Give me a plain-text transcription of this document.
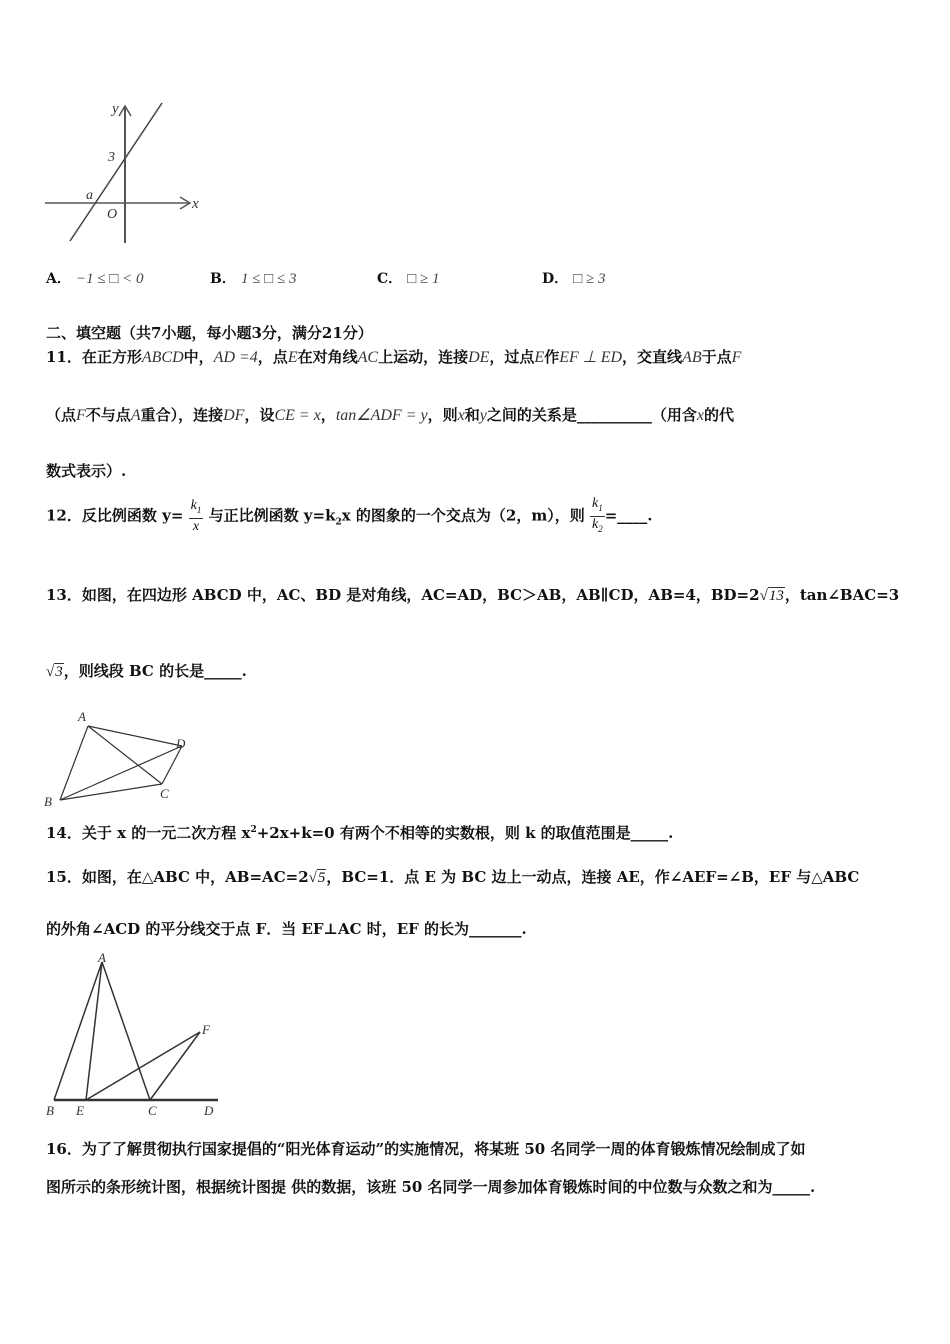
y
x
3
a
O
A． −1 ≤ □ < 0	B． 1 ≤ □ ≤ 3	C． □ ≥ 1	D． □ ≥ 3
二、填空题（共7小题，每小题3分，满分21分）
11．在正方形ABCD中，AD =4，点E在对角线AC上运动，连接DE，过点E作EF ⊥ ED，交直线AB于点F
（点F不与点A重合），连接DF，设CE = x，tan∠ADF = y，则x和y之间的关系是__________（用含x的代
数式表示）.
12．反比例函数 $y= \frac{k_1}{x}$ 与正比例函数 $y=k_2x$ 的图象的一个交点为（2，m），则 $\frac{k_1}{k_2}$ =____.
13．如图，在四边形 ABCD 中，AC、BD 是对角线，AC=AD，BC＞AB，AB∥CD，AB=4，BD=2√13，tan∠BAC=3
√3，则线段 BC 的长是_____.
A
B
C
D
14．关于 x 的一元二次方程 $x^2+2x+k=0$ 有两个不相等的实数根，则 k 的取值范围是_____.
15．如图，在△ABC 中，AB=AC=2√5，BC=1．点 E 为 BC 边上一动点，连接 AE，作∠AEF=∠B，EF 与△ABC
的外角∠ACD 的平分线交于点 F．当 EF⊥AC 时，EF 的长为_______.
A
F
B E	C	D
16．为了了解贯彻执行国家提倡的“阳光体育运动”的实施情况，将某班 50 名同学一周的体育锻炼情况绘制成了如
图所示的条形统计图，根据统计图提 供的数据，该班 50 名同学一周参加体育锻炼时间的中位数与众数之和为_____.
